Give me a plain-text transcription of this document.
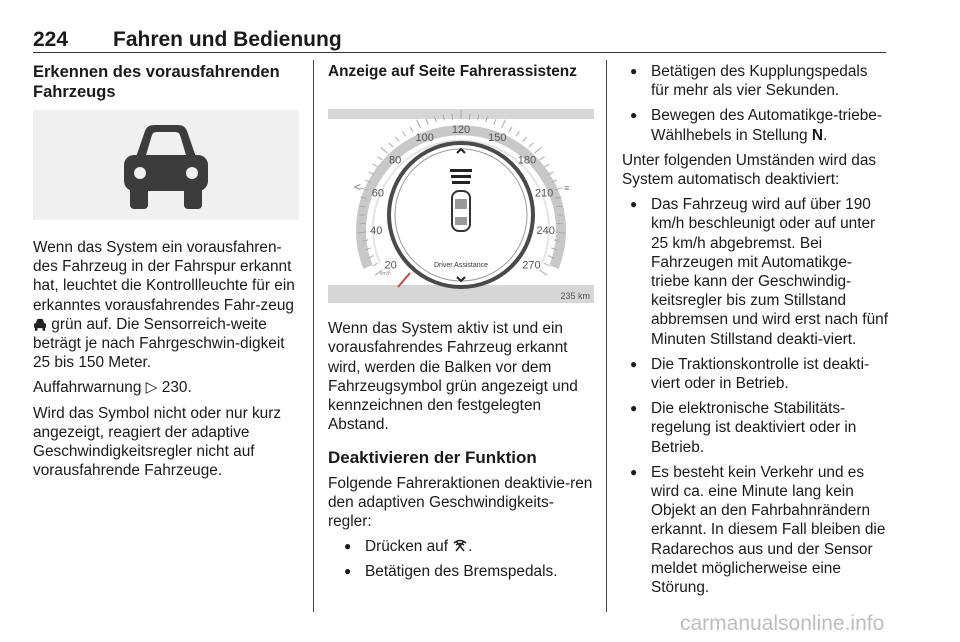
224 Fahren und Bedienung
Erkennen des vorausfahrenden Fahrzeugs

Wenn das System ein vorausfahren-des Fahrzeug in der Fahrspur erkannt hat, leuchtet die Kontrollleuchte für ein erkanntes vorausfahrendes Fahr-zeug  grün auf. Die Sensorreich-weite beträgt je nach Fahrgeschwin-digkeit 25 bis 150 Meter.

Auffahrwarnung ▷ 230.

Wird das Symbol nicht oder nur kurz angezeigt, reagiert der adaptive Geschwindigkeitsregler nicht auf vorausfahrende Fahrzeuge.

Anzeige auf Seite Fahrerassistenz
20
40
60
80
100
120
150
180
210
240
270
Driver Assistance
km/h
235 km
<	≡

Wenn das System aktiv ist und ein vorausfahrendes Fahrzeug erkannt wird, werden die Balken vor dem Fahrzeugsymbol grün angezeigt und kennzeichnen den festgelegten Abstand.

Deaktivieren der Funktion

Folgende Fahreraktionen deaktivie-ren den adaptiven Geschwindigkeits-regler:

● Drücken auf .
● Betätigen des Bremspedals.
● Betätigen des Kupplungspedals für mehr als vier Sekunden.
● Bewegen des Automatikge-triebe-Wählhebels in Stellung N.

Unter folgenden Umständen wird das System automatisch deaktiviert:

● Das Fahrzeug wird auf über 190 km/h beschleunigt oder auf unter 25 km/h abgebremst. Bei Fahrzeugen mit Automatikge-triebe kann der Geschwindig-keitsregler bis zum Stillstand abbremsen und wird erst nach fünf Minuten Stillstand deakti-viert.
● Die Traktionskontrolle ist deakti-viert oder in Betrieb.
● Die elektronische Stabilitäts-regelung ist deaktiviert oder in Betrieb.
● Es besteht kein Verkehr und es wird ca. eine Minute lang kein Objekt an den Fahrbahnrändern erkannt. In diesem Fall bleiben die Radarechos aus und der Sensor meldet möglicherweise eine Störung.
carmanualsonline.info
